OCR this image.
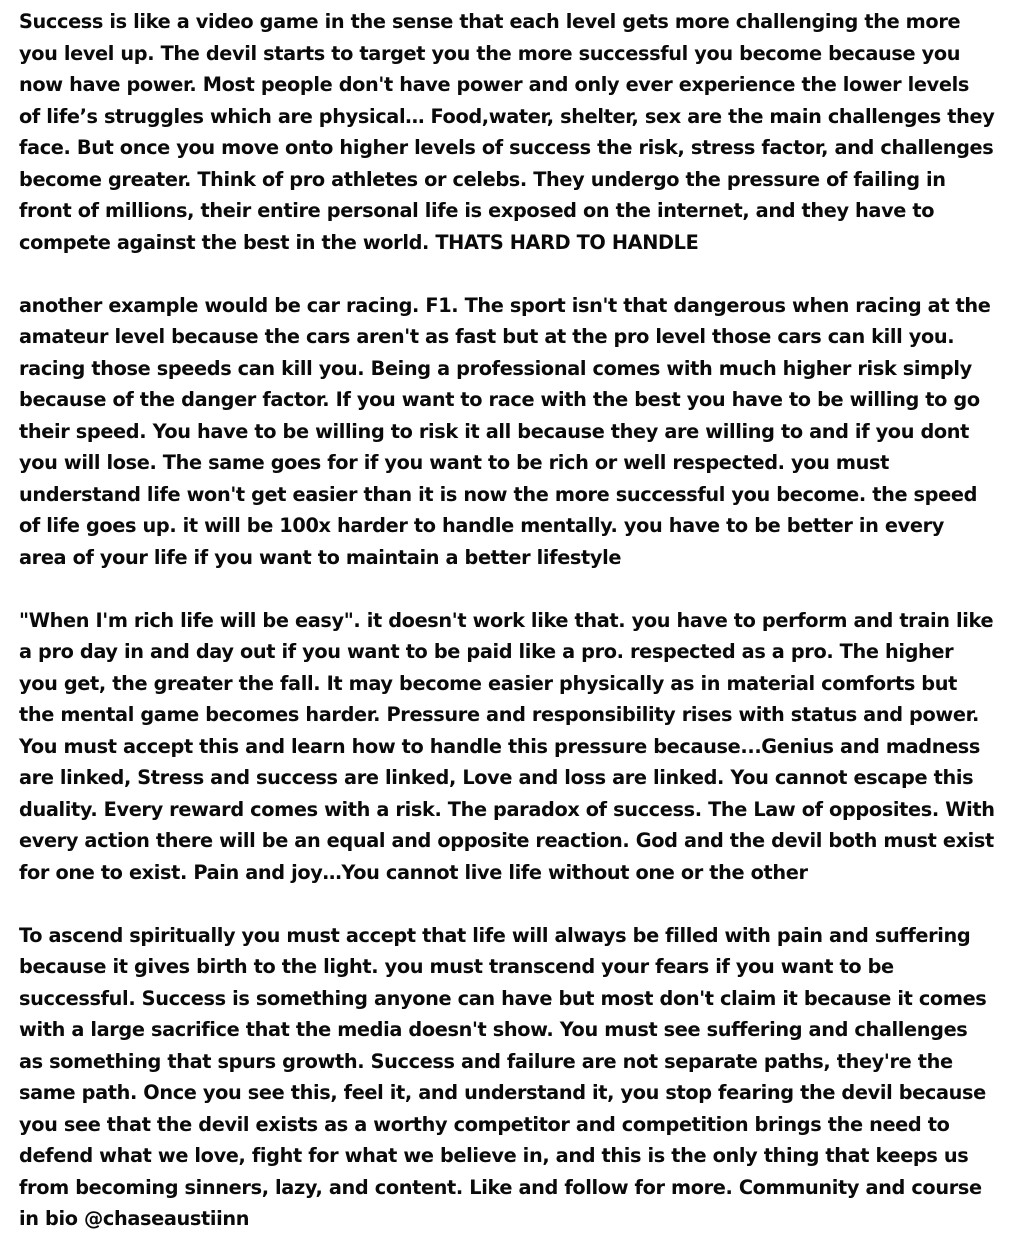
Success is like a video game in the sense that each level gets more challenging the more you level up. The devil starts to target you the more successful you become because you now have power. Most people don't have power and only ever experience the lower levels of life’s struggles which are physical… Food,water, shelter, sex are the main challenges they face. But once you move onto higher levels of success the risk, stress factor, and challenges become greater. Think of pro athletes or celebs. They undergo the pressure of failing in front of millions, their entire personal life is exposed on the internet, and they have to compete against the best in the world. THATS HARD TO HANDLE

another example would be car racing. F1. The sport isn't that dangerous when racing at the amateur level because the cars aren't as fast but at the pro level those cars can kill you. racing those speeds can kill you. Being a professional comes with much higher risk simply because of the danger factor. If you want to race with the best you have to be willing to go their speed. You have to be willing to risk it all because they are willing to and if you dont you will lose. The same goes for if you want to be rich or well respected. you must understand life won't get easier than it is now the more successful you become. the speed of life goes up. it will be 100x harder to handle mentally. you have to be better in every area of your life if you want to maintain a better lifestyle

"When I'm rich life will be easy". it doesn't work like that. you have to perform and train like a pro day in and day out if you want to be paid like a pro. respected as a pro. The higher you get, the greater the fall. It may become easier physically as in material comforts but the mental game becomes harder. Pressure and responsibility rises with status and power. You must accept this and learn how to handle this pressure because...Genius and madness are linked, Stress and success are linked, Love and loss are linked. You cannot escape this duality. Every reward comes with a risk. The paradox of success. The Law of opposites. With every action there will be an equal and opposite reaction. God and the devil both must exist for one to exist. Pain and joy…You cannot live life without one or the other

To ascend spiritually you must accept that life will always be filled with pain and suffering because it gives birth to the light. you must transcend your fears if you want to be successful. Success is something anyone can have but most don't claim it because it comes with a large sacrifice that the media doesn't show. You must see suffering and challenges as something that spurs growth. Success and failure are not separate paths, they're the same path. Once you see this, feel it, and understand it, you stop fearing the devil because you see that the devil exists as a worthy competitor and competition brings the need to defend what we love, fight for what we believe in, and this is the only thing that keeps us from becoming sinners, lazy, and content. Like and follow for more. Community and course in bio @chaseaustiinn
